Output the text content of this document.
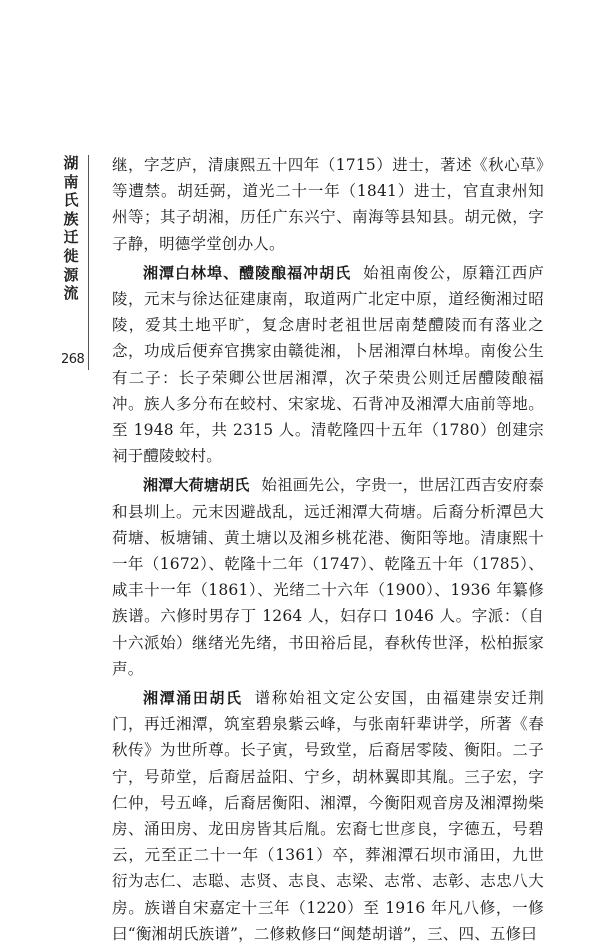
湖
南
氏
族
迁
徙
源
流
268

继，字芝庐，清康熙五十四年（1715）进士，著述《秋心草》等遭禁。胡廷弼，道光二十一年（1841）进士，官直隶州知州等；其子胡湘，历任广东兴宁、南海等县知县。胡元傚，字子静，明德学堂创办人。

湘潭白林埠、醴陵酿福冲胡氏 始祖南俊公，原籍江西庐陵，元末与徐达征建康南，取道两广北定中原，道经衡湘过昭陵，爱其土地平旷，复念唐时老祖世居南楚醴陵而有落业之念，功成后便弃官携家由赣徙湘，卜居湘潭白林埠。南俊公生有二子：长子荣卿公世居湘潭，次子荣贵公则迁居醴陵酿福冲。族人多分布在蛟村、宋家垅、石背冲及湘潭大庙前等地。至 1948 年，共 2315 人。清乾隆四十五年（1780）创建宗祠于醴陵蛟村。

湘潭大荷塘胡氏 始祖画先公，字贵一，世居江西吉安府泰和县圳上。元末因避战乱，远迁湘潭大荷塘。后裔分析潭邑大荷塘、板塘铺、黄土塘以及湘乡桃花港、衡阳等地。清康熙十一年（1672）、乾隆十二年（1747）、乾隆五十年（1785）、咸丰十一年（1861）、光绪二十六年（1900）、1936 年纂修族谱。六修时男存丁 1264 人，妇存口 1046 人。字派：（自十六派始）继绪光先绪，书田裕后昆，春秋传世泽，松柏振家声。

湘潭涌田胡氏 谱称始祖文定公安国，由福建崇安迁荆门，再迁湘潭，筑室碧泉紫云峰，与张南轩辈讲学，所著《春秋传》为世所尊。长子寅，号致堂，后裔居零陵、衡阳。二子宁，号茆堂，后裔居益阳、宁乡，胡林翼即其胤。三子宏，字仁仲，号五峰，后裔居衡阳、湘潭，今衡阳观音房及湘潭拗柴房、涌田房、龙田房皆其后胤。宏裔七世彦良，字德五，号碧云，元至正二十一年（1361）卒，葬湘潭石坝市涌田，九世衍为志仁、志聪、志贤、志良、志梁、志常、志彰、志忠八大房。族谱自宋嘉定十三年（1220）至 1916 年凡八修，一修曰“衡湘胡氏族谱”，二修敕修曰“闽楚胡谱”，三、四、五修曰
